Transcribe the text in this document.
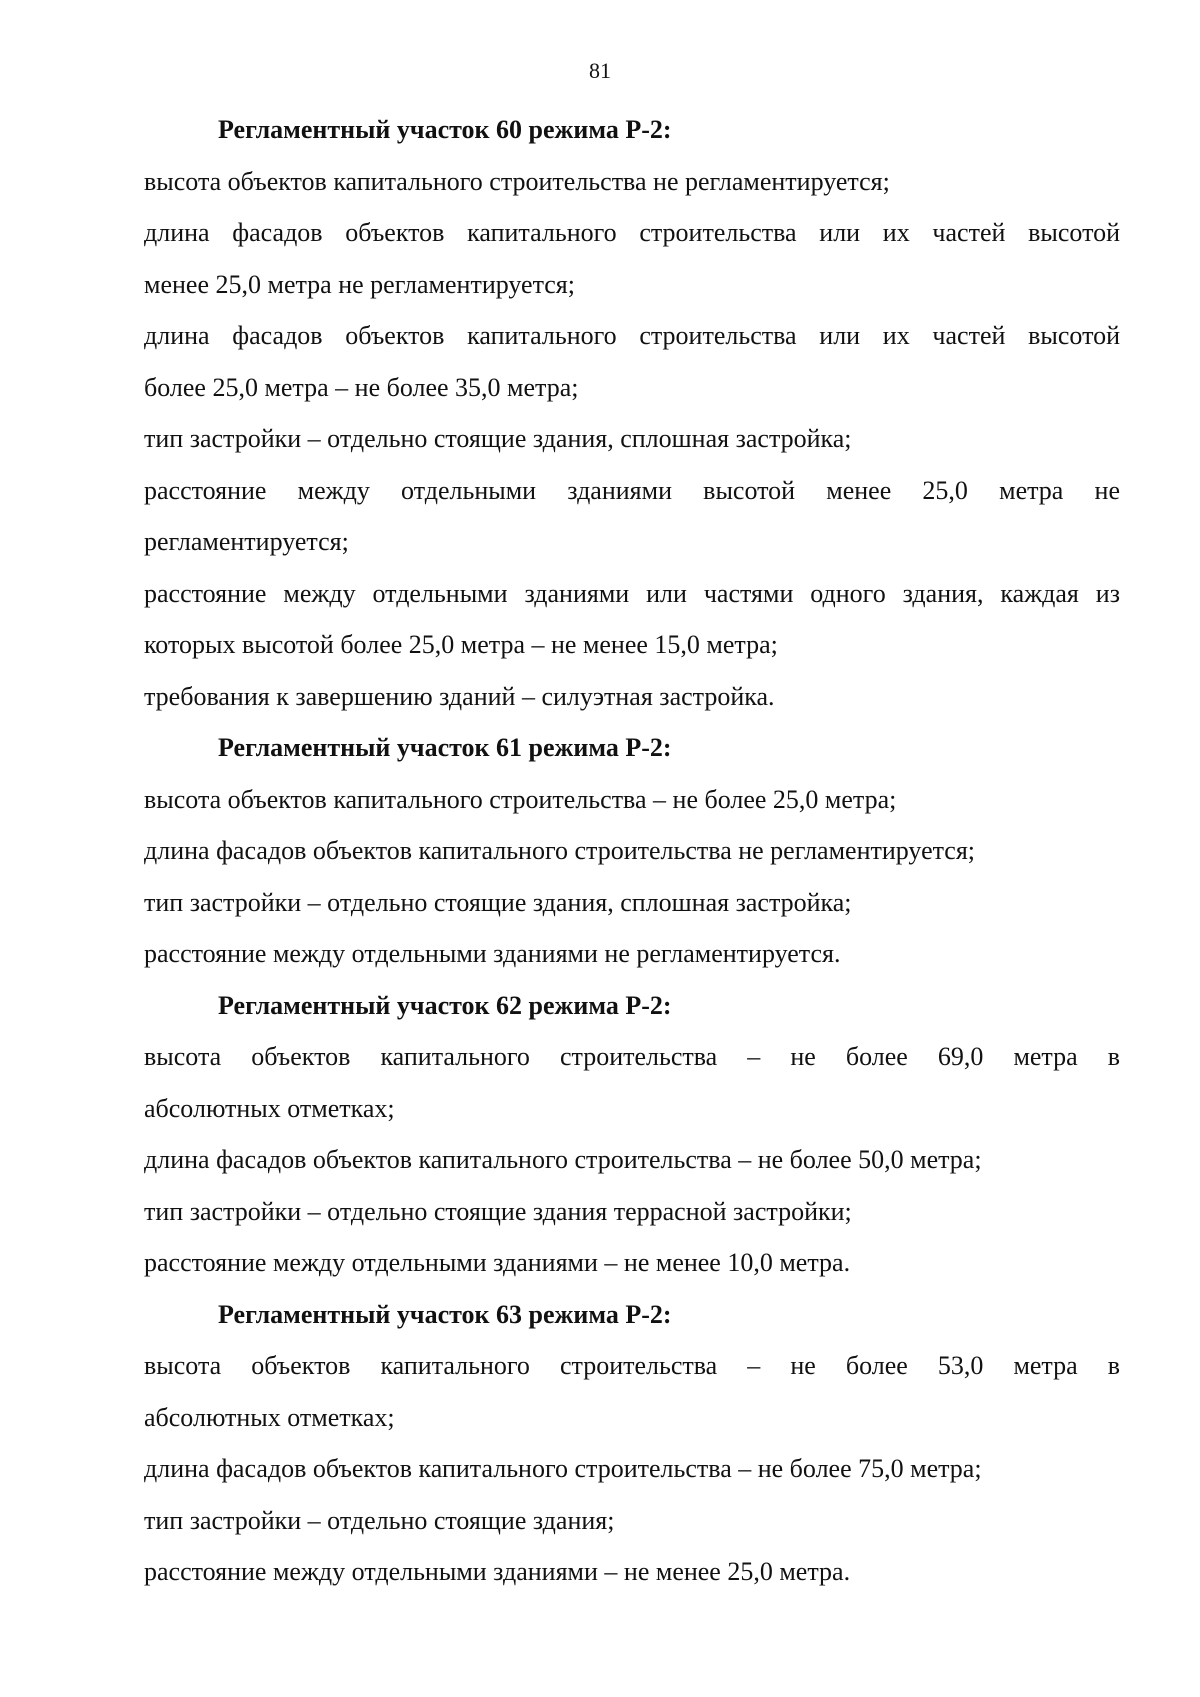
81
Регламентный участок 60 режима Р-2:
высота объектов капитального строительства не регламентируется;
длина фасадов объектов капитального строительства или их частей высотой
менее 25,0 метра не регламентируется;
длина фасадов объектов капитального строительства или их частей высотой
более 25,0 метра – не более 35,0 метра;
тип застройки – отдельно стоящие здания, сплошная застройка;
расстояние между отдельными зданиями высотой менее 25,0 метра не
регламентируется;
расстояние между отдельными зданиями или частями одного здания, каждая из
которых высотой более 25,0 метра – не менее 15,0 метра;
требования к завершению зданий – силуэтная застройка.
Регламентный участок 61 режима Р-2:
высота объектов капитального строительства – не более 25,0 метра;
длина фасадов объектов капитального строительства не регламентируется;
тип застройки – отдельно стоящие здания, сплошная застройка;
расстояние между отдельными зданиями не регламентируется.
Регламентный участок 62 режима Р-2:
высота объектов капитального строительства – не более 69,0 метра в
абсолютных отметках;
длина фасадов объектов капитального строительства – не более 50,0 метра;
тип застройки – отдельно стоящие здания террасной застройки;
расстояние между отдельными зданиями – не менее 10,0 метра.
Регламентный участок 63 режима Р-2:
высота объектов капитального строительства – не более 53,0 метра в
абсолютных отметках;
длина фасадов объектов капитального строительства – не более 75,0 метра;
тип застройки – отдельно стоящие здания;
расстояние между отдельными зданиями – не менее 25,0 метра.
